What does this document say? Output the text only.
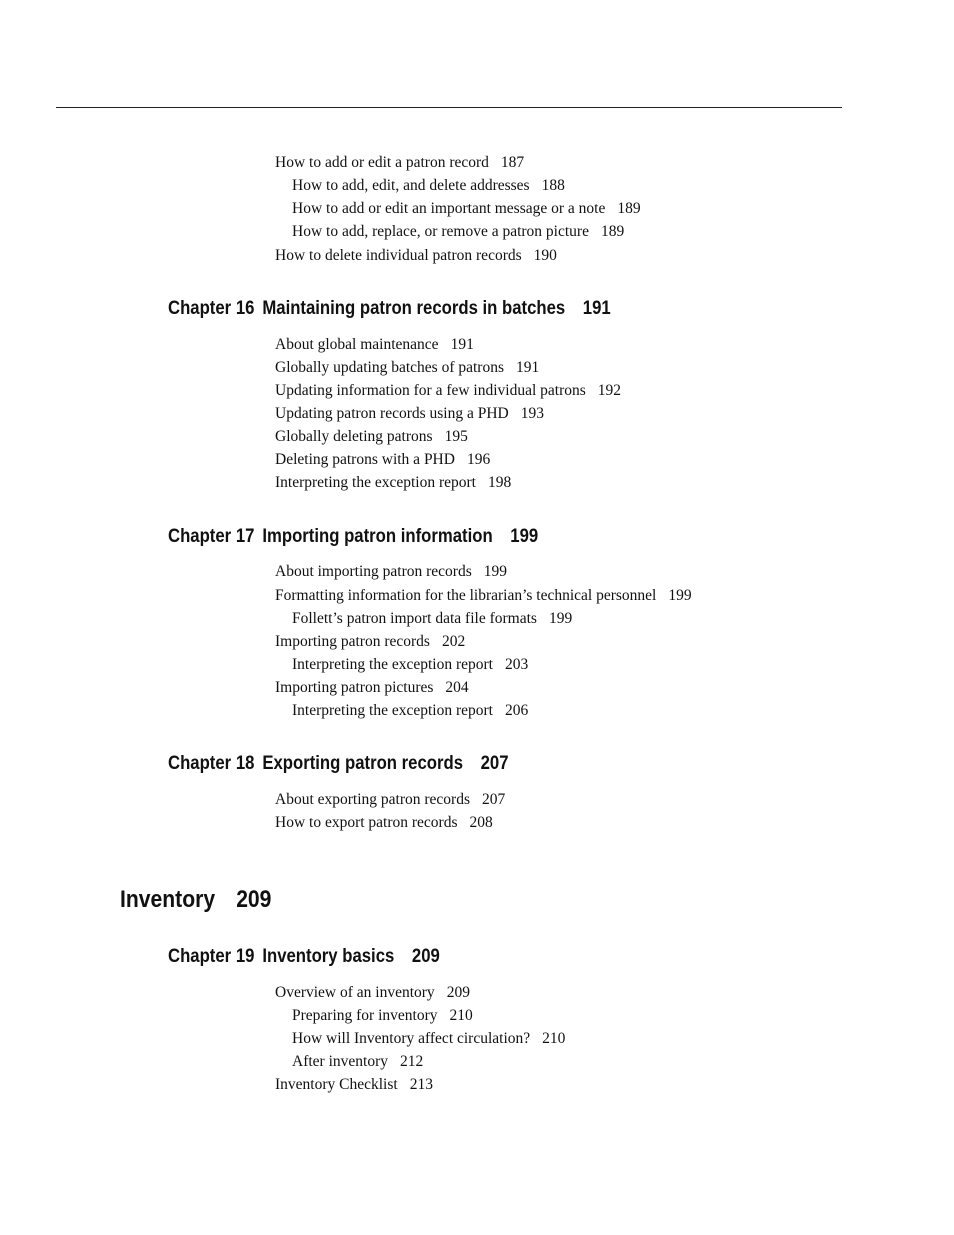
How to add or edit a patron record 187
How to add, edit, and delete addresses 188
How to add or edit an important message or a note 189
How to add, replace, or remove a patron picture 189
How to delete individual patron records 190
Chapter 16 Maintaining patron records in batches 191
About global maintenance 191
Globally updating batches of patrons 191
Updating information for a few individual patrons 192
Updating patron records using a PHD 193
Globally deleting patrons 195
Deleting patrons with a PHD 196
Interpreting the exception report 198
Chapter 17 Importing patron information 199
About importing patron records 199
Formatting information for the librarian’s technical personnel 199
Follett’s patron import data file formats 199
Importing patron records 202
Interpreting the exception report 203
Importing patron pictures 204
Interpreting the exception report 206
Chapter 18 Exporting patron records 207
About exporting patron records 207
How to export patron records 208
Inventory 209
Chapter 19 Inventory basics 209
Overview of an inventory 209
Preparing for inventory 210
How will Inventory affect circulation? 210
After inventory 212
Inventory Checklist 213
